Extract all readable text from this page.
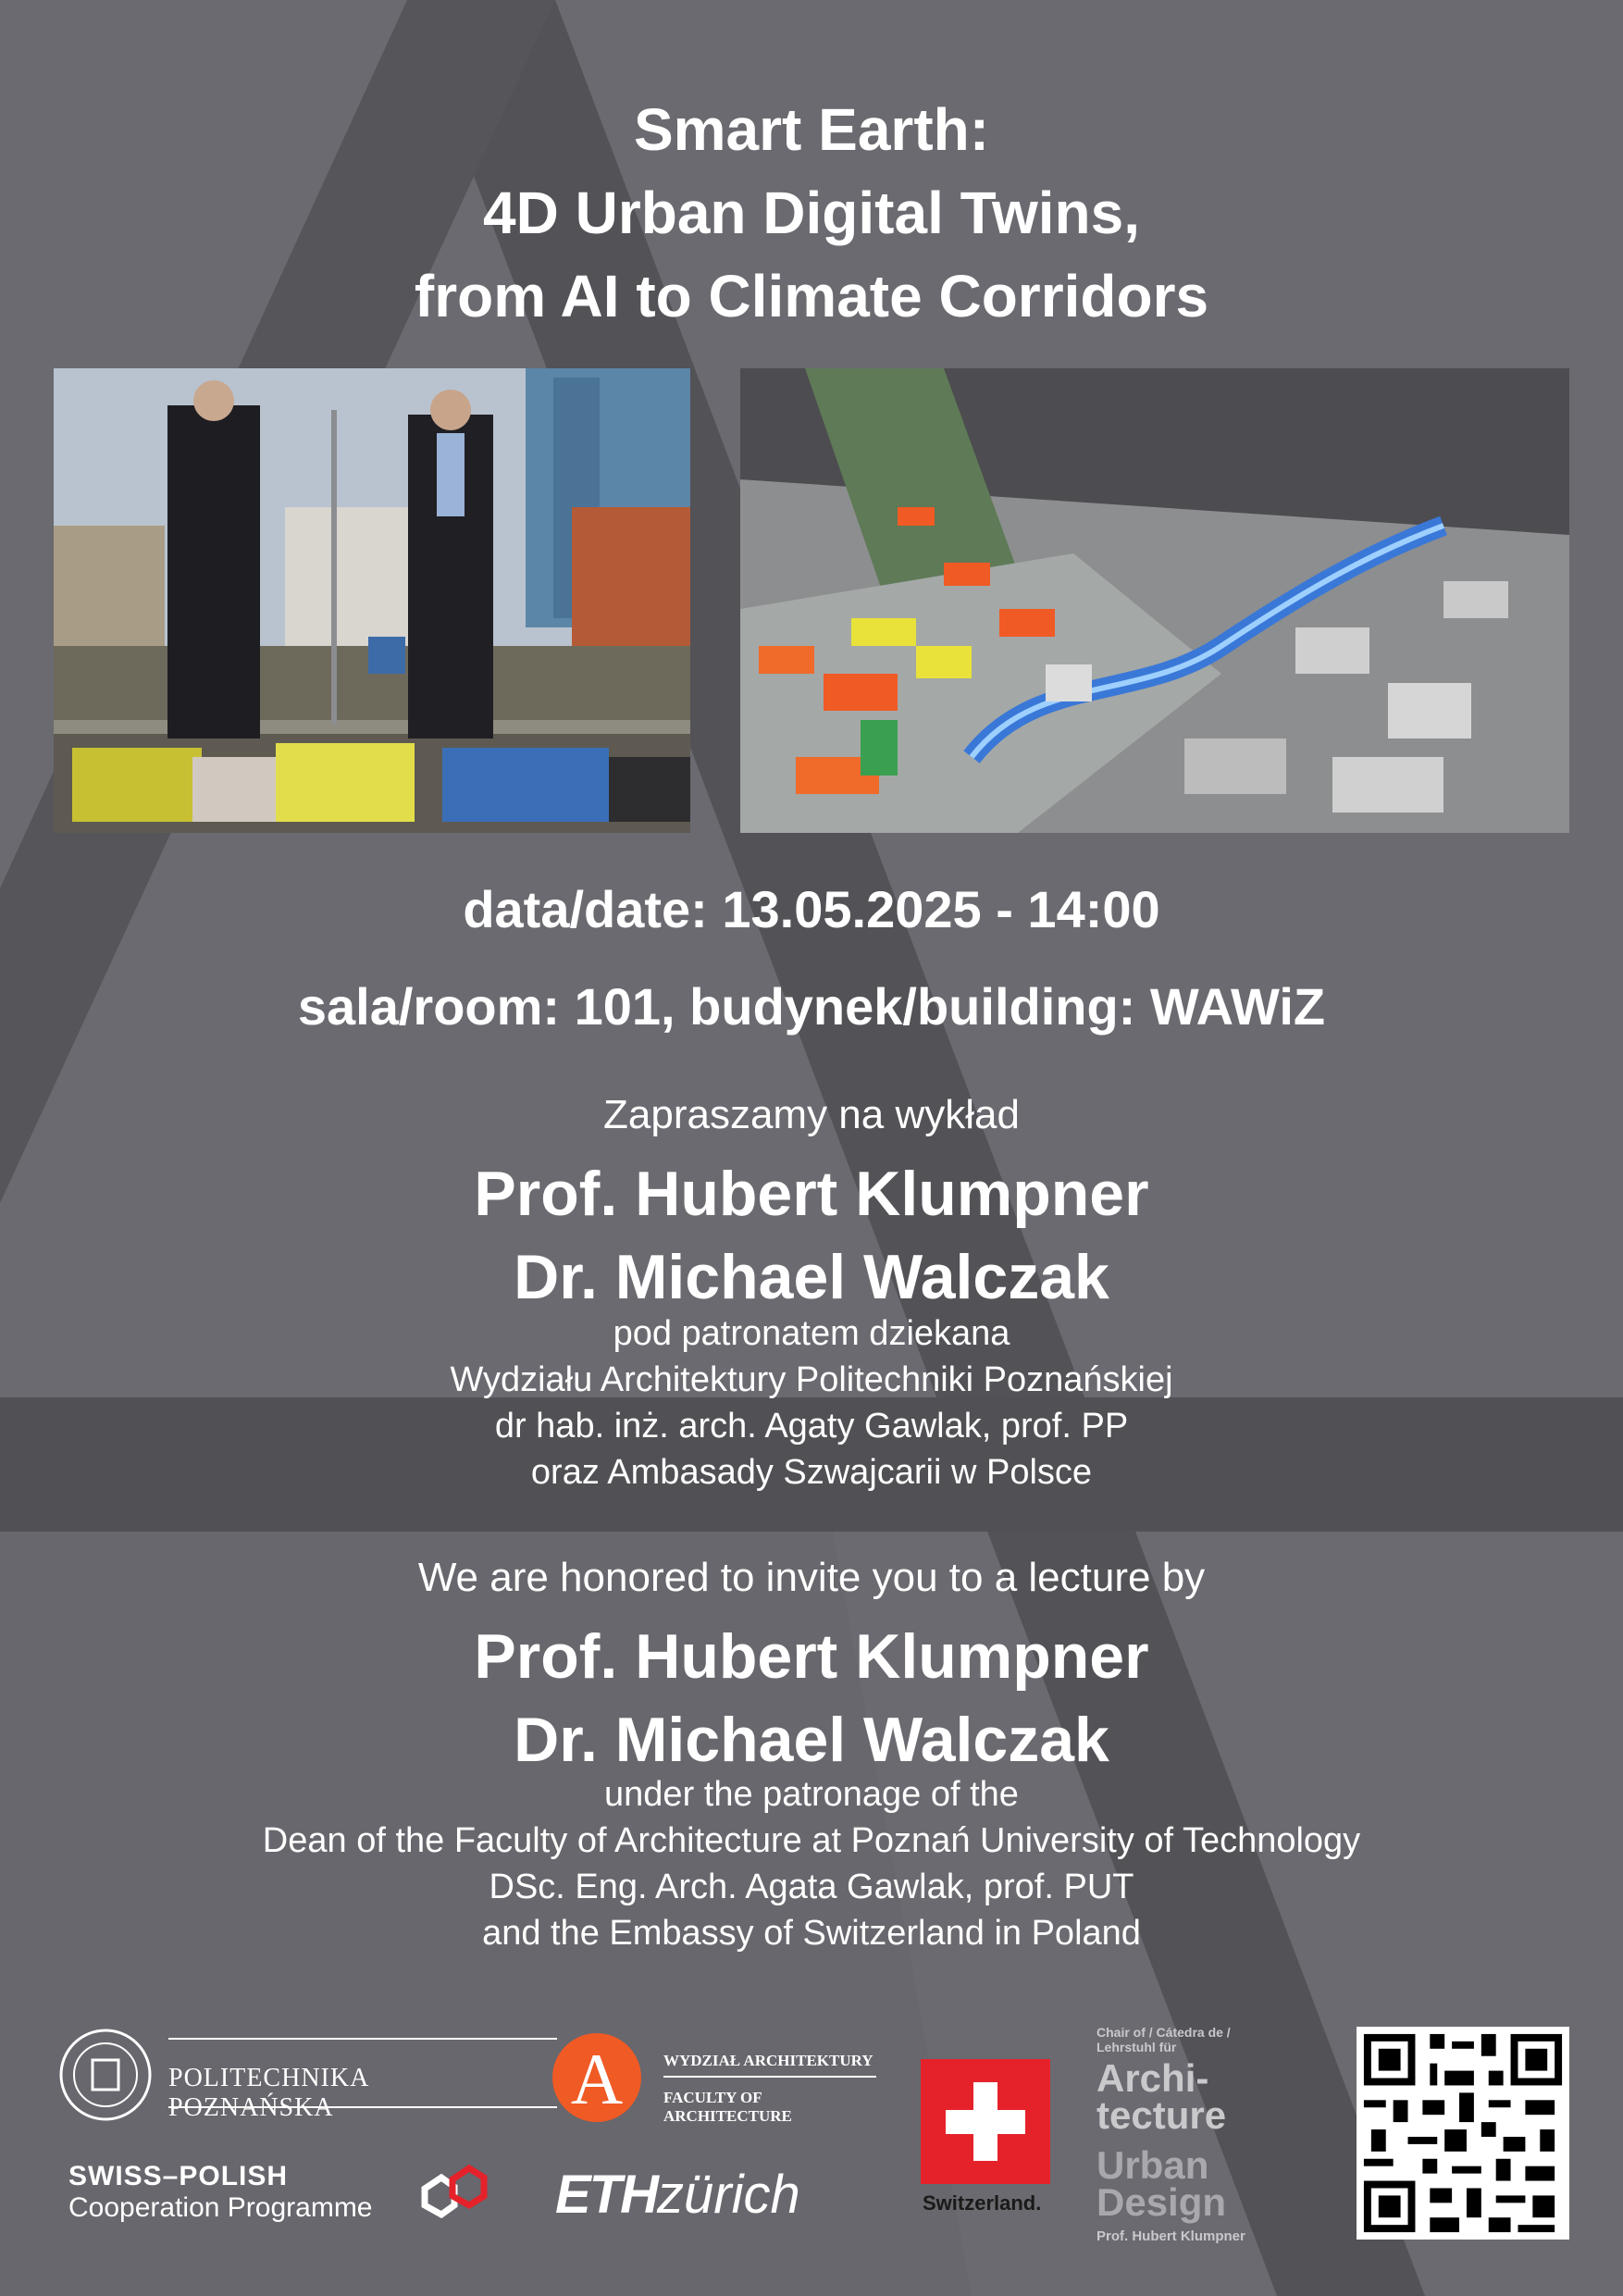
Smart Earth:
4D Urban Digital Twins,
from AI to Climate Corridors
data/date: 13.05.2025 - 14:00
sala/room: 101, budynek/building: WAWiZ
Zapraszamy na wykład
Prof. Hubert Klumpner
Dr. Michael Walczak
pod patronatem dziekana
Wydziału Architektury Politechniki Poznańskiej
dr hab. inż. arch. Agaty Gawlak, prof. PP
oraz Ambasady Szwajcarii w Polsce
We are honored to invite you to a lecture by
Prof. Hubert Klumpner
Dr. Michael Walczak
under the patronage of the
Dean of the Faculty of Architecture at Poznań University of Technology
DSc. Eng. Arch. Agata Gawlak, prof. PUT
and the Embassy of Switzerland in Poland
POLITECHNIKA POZNAŃSKA	A	WYDZIAŁ ARCHITEKTURY
FACULTY OF ARCHITECTURE
Switzerland.
Chair of / Cátedra de /
Lehrstuhl für
Archi-
tecture
Urban
Design
Prof. Hubert Klumpner
SWISS–POLISH
Cooperation Programme	ETHzürich
